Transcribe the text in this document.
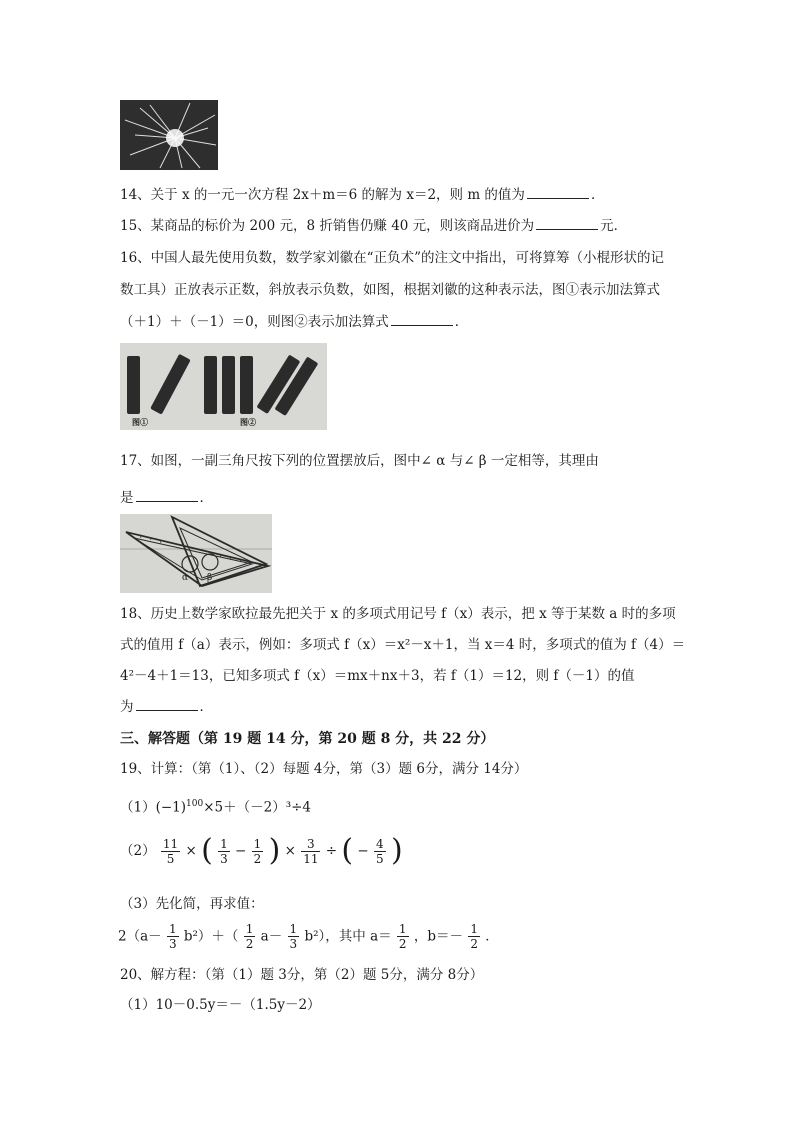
14、关于 x 的一元一次方程 2x＋m＝6 的解为 x＝2，则 m 的值为	．
15、某商品的标价为 200 元，8 折销售仍赚 40 元，则该商品进价为	元．
16、中国人最先使用负数，数学家刘徽在“正负术”的注文中指出，可将算筹（小棍形状的记
数工具）正放表示正数，斜放表示负数，如图，根据刘徽的这种表示法，图①表示加法算式
（＋1）＋（－1）＝0，则图②表示加法算式	．
图①	图②
17、如图，一副三角尺按下列的位置摆放后，图中∠ α 与∠ β 一定相等，其理由
是	．
α β
18、历史上数学家欧拉最先把关于 x 的多项式用记号 f（x）表示，把 x 等于某数 a 时的多项
式的值用 f（a）表示，例如：多项式 f（x）＝x²－x＋1，当 x＝4 时，多项式的值为 f（4）＝
4²－4＋1＝13，已知多项式 f（x）＝mx＋nx＋3，若 f（1）＝12，则 f（－1）的值
为	．
三、解答题（第 19 题 14 分，第 20 题 8 分，共 22 分）
19、计算：（第（1）、（2）每题 4分，第（3）题 6分，满分 14分）
$(1)(-1)^{100}\times 5+(-2)^3\div 4$
$(2) \frac{11}{5}$ × ( $\frac{1}{3} - \frac{1}{2}$ ) × $\frac{3}{11}$ ÷ ( − $\frac{4}{5}$ )
（3）先化简，再求值：
$2(a- \frac{1}{3} b^2)+( \frac{1}{2} a- \frac{1}{3} b^2)$，其中 $a= \frac{1}{2}$ ，$b=- \frac{1}{2}$ ．
20、解方程：（第（1）题 3分，第（2）题 5分，满分 8分）
（1）10－0.5y＝－（1.5y－2）
